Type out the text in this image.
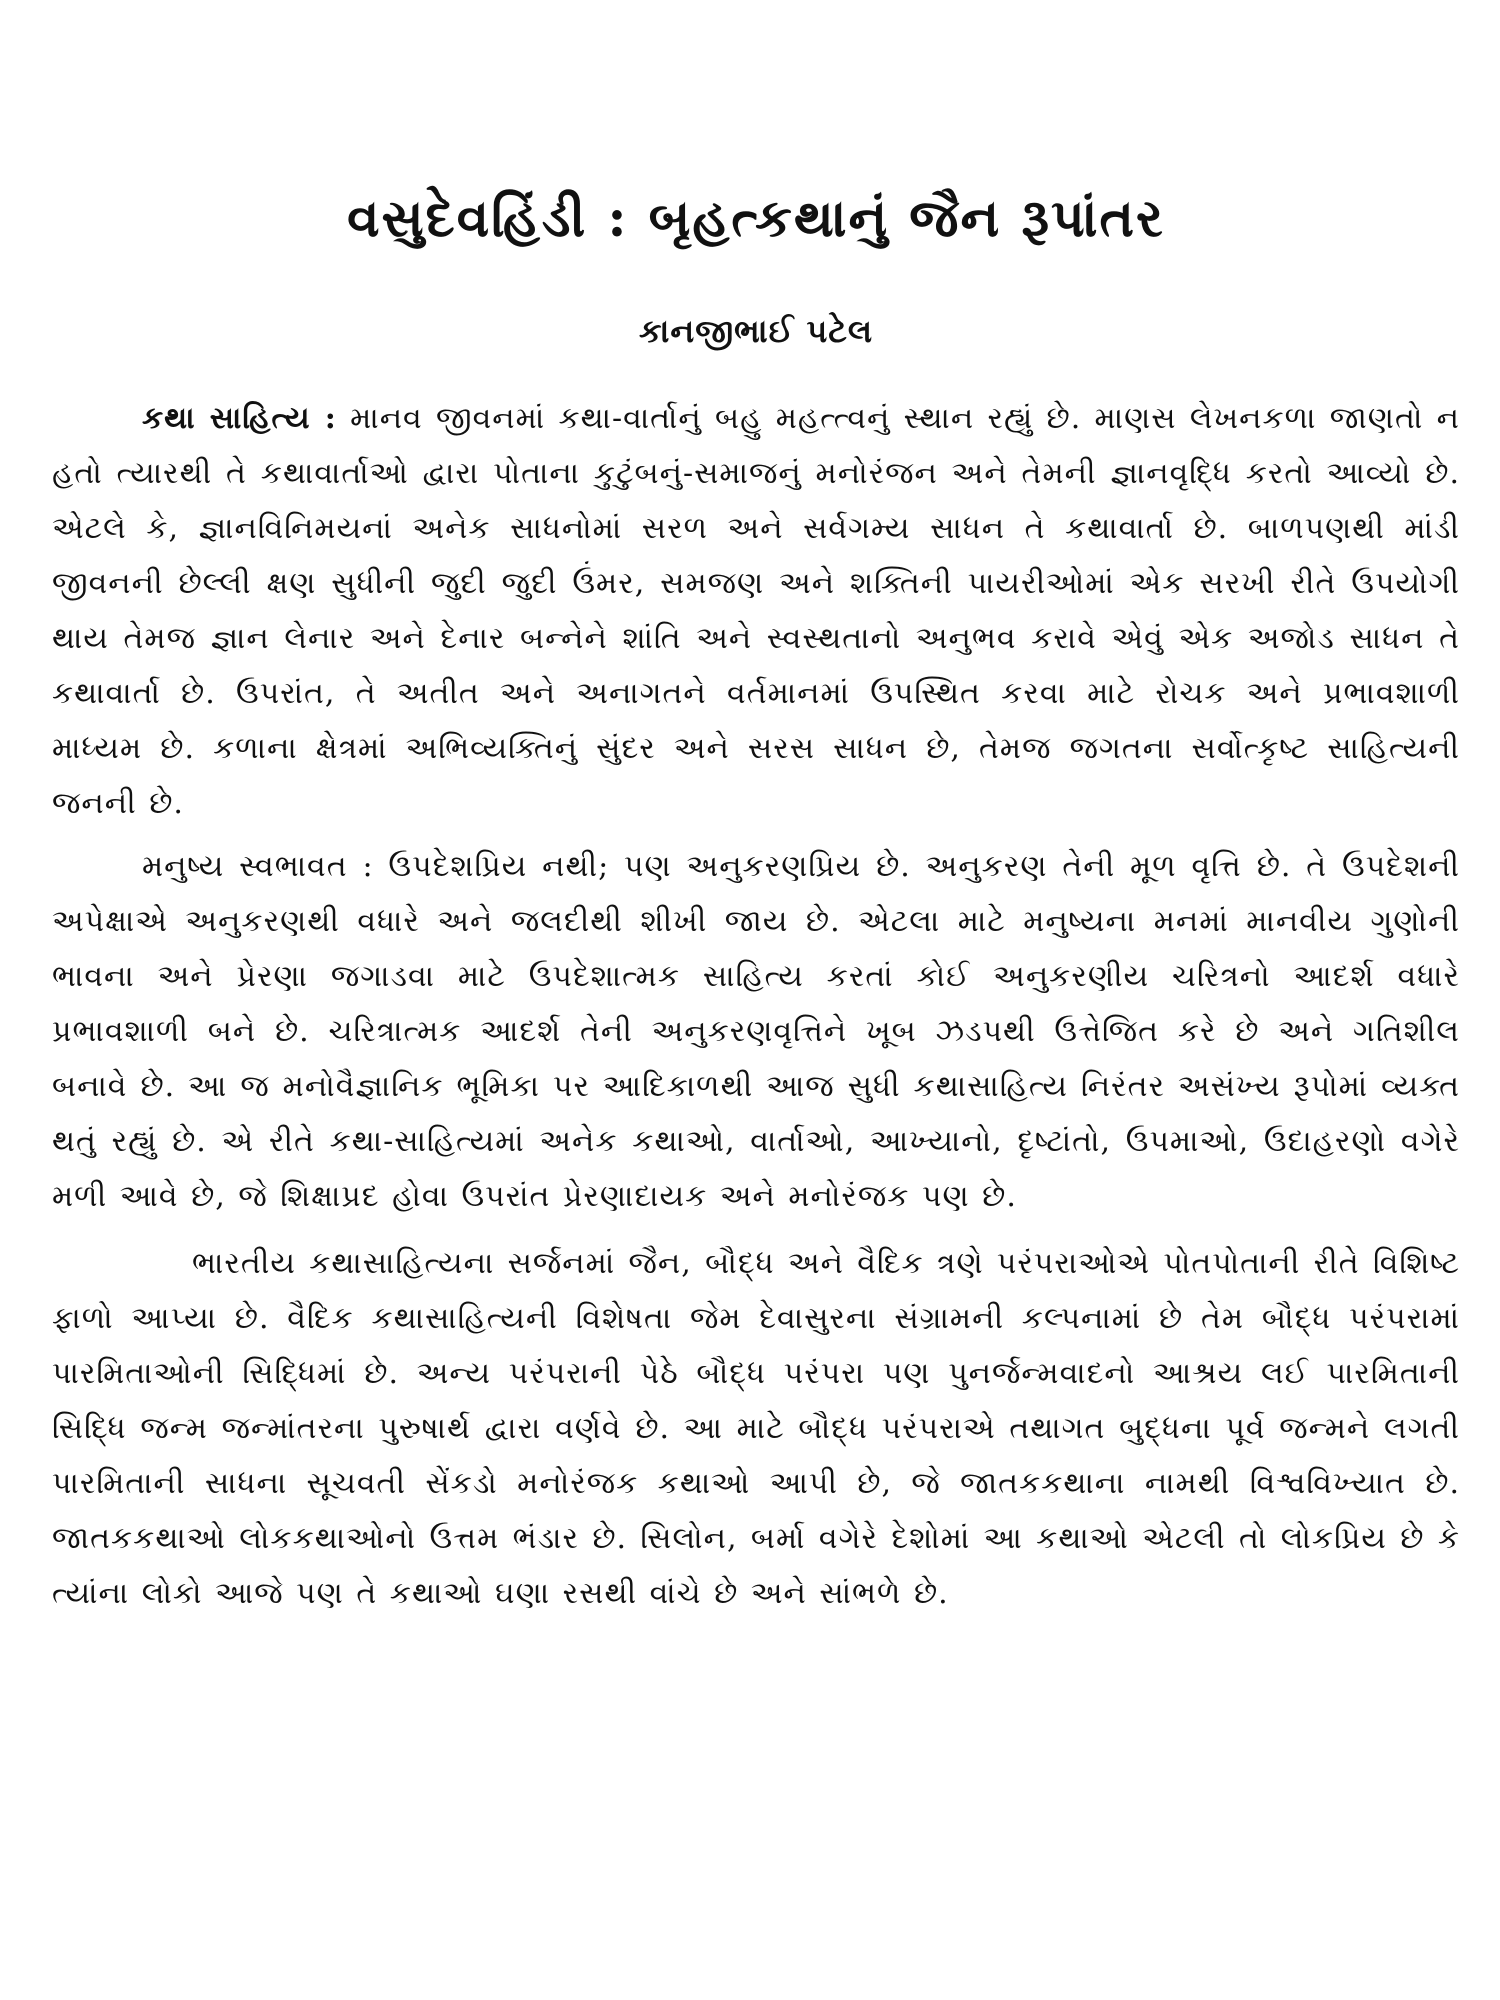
વસુદેવહિંડી : બૃહત્કથાનું જૈન રૂપાંતર
કાનજીભાઈ પટેલ

કથા સાહિત્ય : માનવ જીવનમાં કથા-વાર્તાનું બહુ મહત્ત્વનું સ્થાન રહ્યું છે. માણસ લેખનકળા જાણતો ન હતો ત્યારથી તે કથાવાર્તાઓ દ્વારા પોતાના કુટુંબનું-સમાજનું મનોરંજન અને તેમની જ્ઞાનવૃદ્ધિ કરતો આવ્યો છે. એટલે કે, જ્ઞાનવિનિમયનાં અનેક સાધનોમાં સરળ અને સર્વગમ્ય સાધન તે કથાવાર્તા છે. બાળપણથી માંડી જીવનની છેલ્લી ક્ષણ સુધીની જુદી જુદી ઉંમર, સમજણ અને શક્તિની પાયરીઓમાં એક સરખી રીતે ઉપયોગી થાય તેમજ જ્ઞાન લેનાર અને દેનાર બન્નેને શાંતિ અને સ્વસ્થતાનો અનુભવ કરાવે એવું એક અજોડ સાધન તે કથાવાર્તા છે. ઉપરાંત, તે અતીત અને અનાગતને વર્તમાનમાં ઉપસ્થિત કરવા માટે રોચક અને પ્રભાવશાળી માધ્યમ છે. કળાના ક્ષેત્રમાં અભિવ્યક્તિનું સુંદર અને સરસ સાધન છે, તેમજ જગતના સર્વોત્કૃષ્ટ સાહિત્યની જનની છે.

મનુષ્ય સ્વભાવત : ઉપદેશપ્રિય નથી; પણ અનુકરણપ્રિય છે. અનુકરણ તેની મૂળ વૃત્તિ છે. તે ઉપદેશની અપેક્ષાએ અનુકરણથી વધારે અને જલદીથી શીખી જાય છે. એટલા માટે મનુષ્યના મનમાં માનવીય ગુણોની ભાવના અને પ્રેરણા જગાડવા માટે ઉપદેશાત્મક સાહિત્ય કરતાં કોઈ અનુકરણીય ચરિત્રનો આદર્શ વધારે પ્રભાવશાળી બને છે. ચરિત્રાત્મક આદર્શ તેની અનુકરણવૃત્તિને ખૂબ ઝડપથી ઉત્તેજિત કરે છે અને ગતિશીલ બનાવે છે. આ જ મનોવૈજ્ઞાનિક ભૂમિકા પર આદિકાળથી આજ સુધી કથાસાહિત્ય નિરંતર અસંખ્ય રૂપોમાં વ્યક્ત થતું રહ્યું છે. એ રીતે કથા-સાહિત્યમાં અનેક કથાઓ, વાર્તાઓ, આખ્યાનો, દૃષ્ટાંતો, ઉપમાઓ, ઉદાહરણો વગેરે મળી આવે છે, જે શિક્ષાપ્રદ હોવા ઉપરાંત પ્રેરણાદાયક અને મનોરંજક પણ છે.

ભારતીય કથાસાહિત્યના સર્જનમાં જૈન, બૌદ્ધ અને વૈદિક ત્રણે પરંપરાઓએ પોતપોતાની રીતે વિશિષ્ટ ફાળો આપ્યા છે. વૈદિક કથાસાહિત્યની વિશેષતા જેમ દેવાસુરના સંગ્રામની કલ્પનામાં છે તેમ બૌદ્ધ પરંપરામાં પારમિતાઓની સિદ્ધિમાં છે. અન્ય પરંપરાની પેઠે બૌદ્ધ પરંપરા પણ પુનર્જન્મવાદનો આશ્રય લઈ પારમિતાની સિદ્ધિ જન્મ જન્માંતરના પુરુષાર્થ દ્વારા વર્ણવે છે. આ માટે બૌદ્ધ પરંપરાએ તથાગત બુદ્ધના પૂર્વ જન્મને લગતી પારમિતાની સાધના સૂચવતી સેંકડો મનોરંજક કથાઓ આપી છે, જે જાતકકથાના નામથી વિશ્વવિખ્યાત છે. જાતકકથાઓ લોકકથાઓનો ઉત્તમ ભંડાર છે. સિલોન, બર્મા વગેરે દેશોમાં આ કથાઓ એટલી તો લોકપ્રિય છે કે ત્યાંના લોકો આજે પણ તે કથાઓ ઘણા રસથી વાંચે છે અને સાંભળે છે.
